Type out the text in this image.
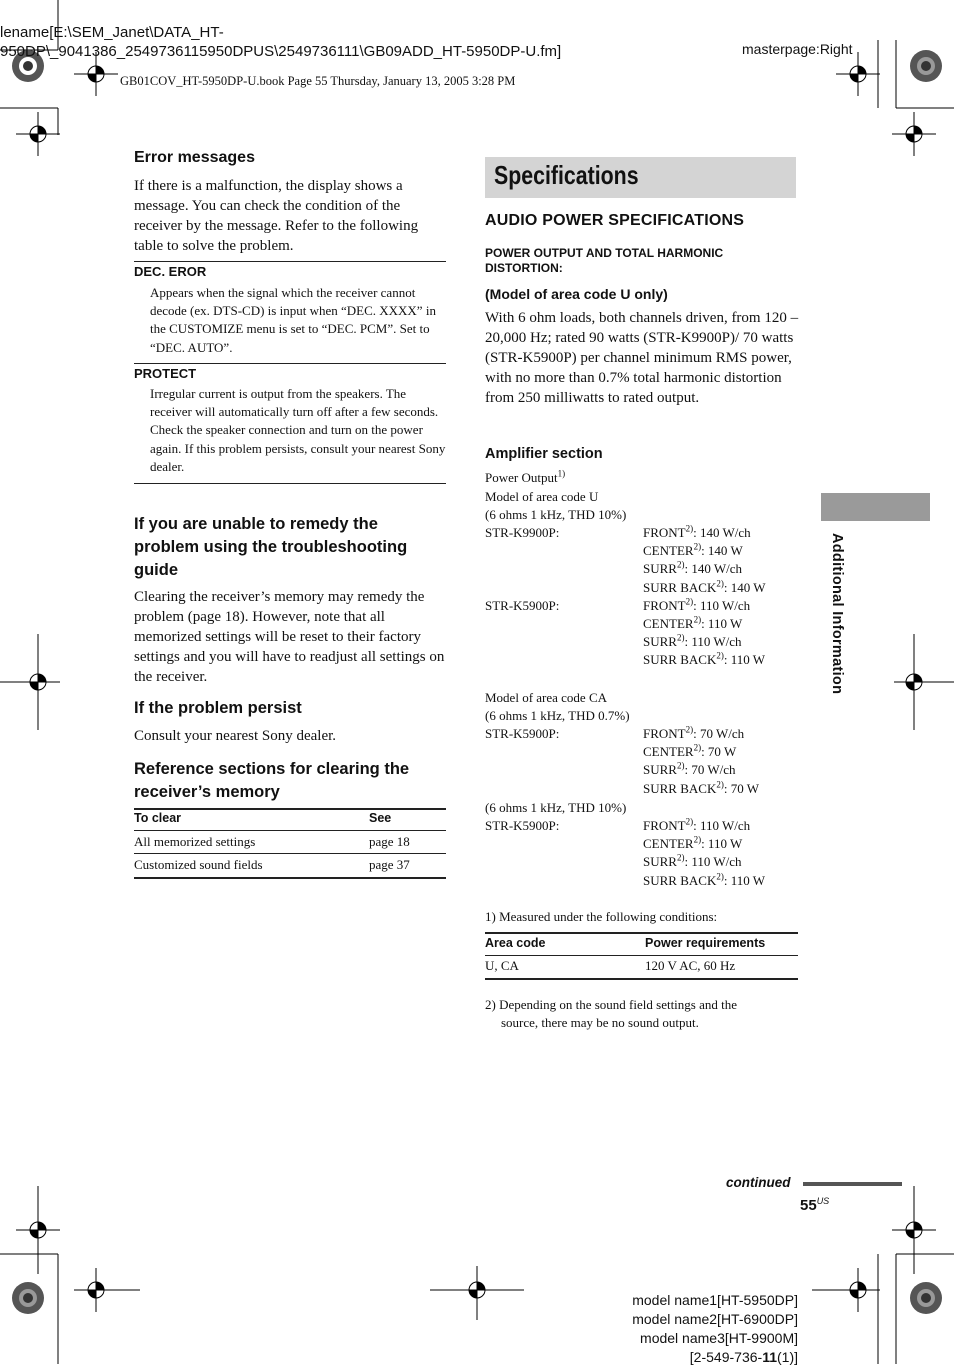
lename[E:\SEM_Janet\DATA_HT-
950DP\_9041386_2549736115950DPUS\2549736111\GB09ADD_HT-5950DP-U.fm]	masterpage:Right
GB01COV_HT-5950DP-U.book Page 55 Thursday, January 13, 2005 3:28 PM
Error messages
If there is a malfunction, the display shows a message. You can check the condition of the receiver by the message. Refer to the following table to solve the problem.
DEC. EROR
Appears when the signal which the receiver cannot decode (ex. DTS-CD) is input when “DEC. XXXX” in the CUSTOMIZE menu is set to “DEC. PCM”. Set to “DEC. AUTO”.
PROTECT
Irregular current is output from the speakers. The receiver will automatically turn off after a few seconds. Check the speaker connection and turn on the power again. If this problem persists, consult your nearest Sony dealer.
If you are unable to remedy the problem using the troubleshooting guide
Clearing the receiver’s memory may remedy the problem (page 18). However, note that all memorized settings will be reset to their factory settings and you will have to readjust all settings on the receiver.
If the problem persist
Consult your nearest Sony dealer.
Reference sections for clearing the receiver’s memory
To clear	See
All memorized settings	page 18
Customized sound fields	page 37
Specifications
AUDIO POWER SPECIFICATIONS
POWER OUTPUT AND TOTAL HARMONIC DISTORTION:
(Model of area code U only)
With 6 ohm loads, both channels driven, from 120 – 20,000 Hz; rated 90 watts (STR-K9900P)/ 70 watts (STR-K5900P) per channel minimum RMS power, with no more than 0.7% total harmonic distortion from 250 milliwatts to rated output.
Amplifier section
Power Output$^{1)}$
Model of area code U
(6 ohms 1 kHz, THD 10%)
STR-K9900P:	FRONT$^{2)}$: 140 W/ch
CENTER$^{2)}$: 140 W
SURR$^{2)}$: 140 W/ch
SURR BACK$^{2)}$: 140 W
STR-K5900P:	FRONT$^{2)}$: 110 W/ch
CENTER$^{2)}$: 110 W
SURR$^{2)}$: 110 W/ch
SURR BACK$^{2)}$: 110 W
Model of area code CA
(6 ohms 1 kHz, THD 0.7%)
STR-K5900P:	FRONT$^{2)}$: 70 W/ch
CENTER$^{2)}$: 70 W
SURR$^{2)}$: 70 W/ch
SURR BACK$^{2)}$: 70 W
(6 ohms 1 kHz, THD 10%)
STR-K5900P:	FRONT$^{2)}$: 110 W/ch
CENTER$^{2)}$: 110 W
SURR$^{2)}$: 110 W/ch
SURR BACK$^{2)}$: 110 W
1) Measured under the following conditions:
Area code	Power requirements
U, CA	120 V AC, 60 Hz
2) Depending on the sound field settings and the
source, there may be no sound output.
Additional Information
continued
$55^{US}$
model name1[HT-5950DP]
model name2[HT-6900DP]
model name3[HT-9900M]
[2-549-736-11(1)]
